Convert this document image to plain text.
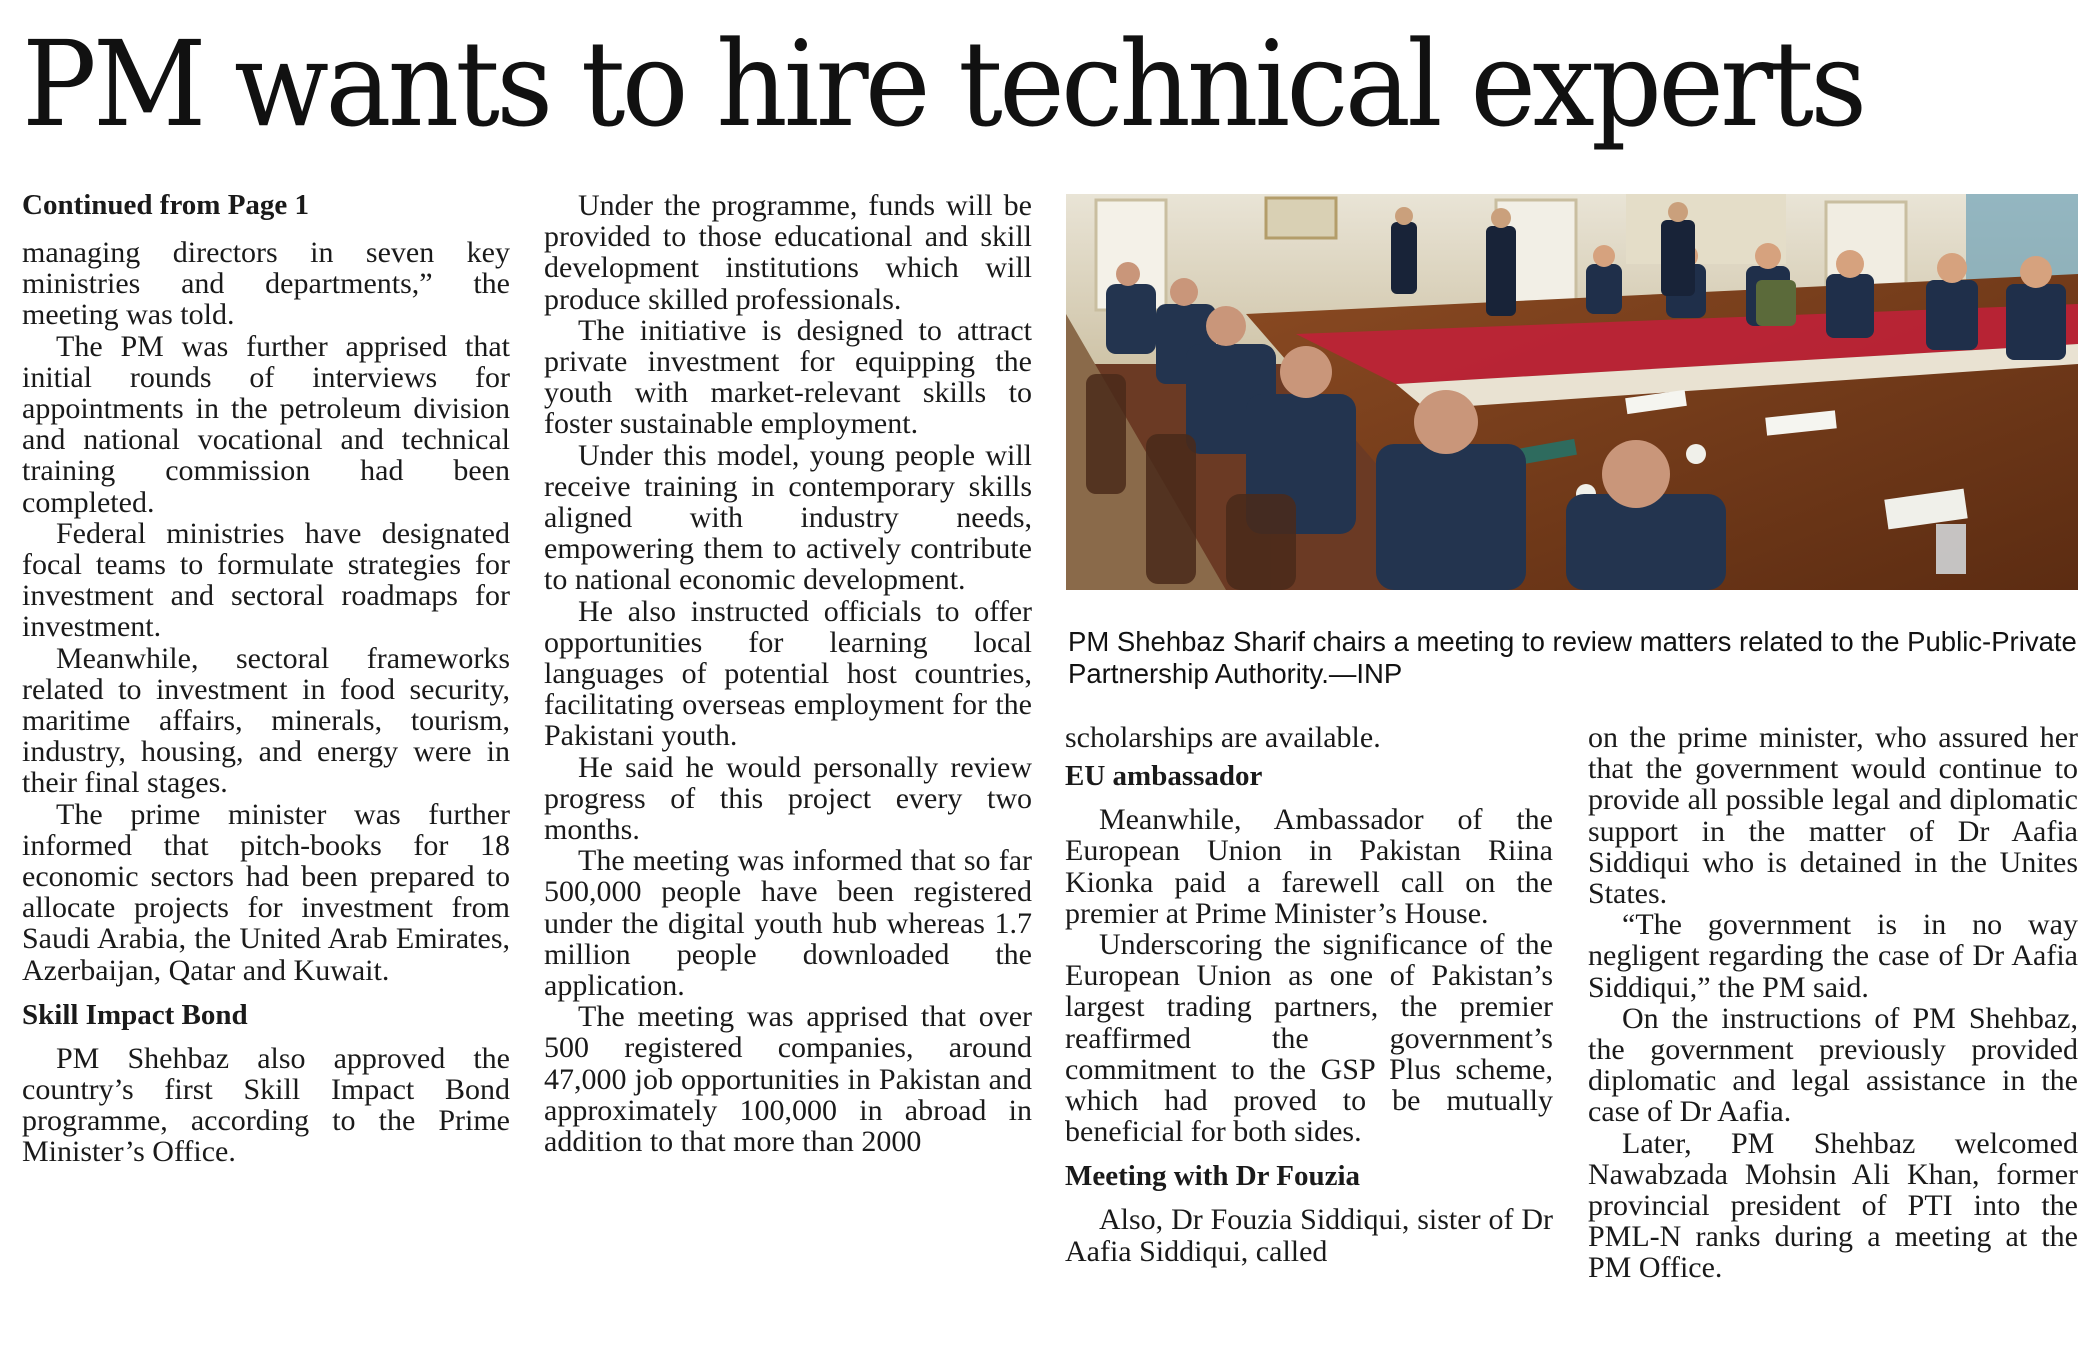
PM wants to hire technical experts
Continued from Page 1

managing directors in seven key ministries and departments,” the meeting was told.

The PM was further apprised that initial rounds of interviews for appointments in the petroleum division and national vocational and technical training commission had been completed.

Federal ministries have designated focal teams to formulate strategies for investment and sectoral roadmaps for investment.

Meanwhile, sectoral frameworks related to investment in food security, maritime affairs, minerals, tourism, industry, housing, and energy were in their final stages.

The prime minister was further informed that pitch-books for 18 economic sectors had been prepared to allocate projects for investment from Saudi Arabia, the United Arab Emirates, Azerbaijan, Qatar and Kuwait.

Skill Impact Bond

PM Shehbaz also approved the country’s first Skill Impact Bond programme, according to the Prime Minister’s Office.

Under the programme, funds will be provided to those educational and skill development institutions which will produce skilled professionals.

The initiative is designed to attract private investment for equipping the youth with market-relevant skills to foster sustainable employment.

Under this model, young people will receive training in contemporary skills aligned with industry needs, empowering them to actively contribute to national economic development.

He also instructed officials to offer opportunities for learning local languages of potential host countries, facilitating overseas employment for the Pakistani youth.

He said he would personally review progress of this project every two months.

The meeting was informed that so far 500,000 people have been registered under the digital youth hub whereas 1.7 million people downloaded the application.

The meeting was apprised that over 500 registered companies, around 47,000 job opportunities in Pakistan and approximately 100,000 in abroad in addition to that more than 2000

PM Shehbaz Sharif chairs a meeting to review matters related to the Public-Private Partnership Authority.—INP

scholarships are available.

EU ambassador

Meanwhile, Ambassador of the European Union in Pakistan Riina Kionka paid a farewell call on the premier at Prime Minister’s House.

Underscoring the significance of the European Union as one of Pakistan’s largest trading partners, the premier reaffirmed the government’s commitment to the GSP Plus scheme, which had proved to be mutually beneficial for both sides.

Meeting with Dr Fouzia

Also, Dr Fouzia Siddiqui, sister of Dr Aafia Siddiqui, called

on the prime minister, who assured her that the government would continue to provide all possible legal and diplomatic support in the matter of Dr Aafia Siddiqui who is detained in the Unites States.

“The government is in no way negligent regarding the case of Dr Aafia Siddiqui,” the PM said.

On the instructions of PM Shehbaz, the government previously provided diplomatic and legal assistance in the case of Dr Aafia.

Later, PM Shehbaz welcomed Nawabzada Mohsin Ali Khan, former provincial president of PTI into the PML-N ranks during a meeting at the PM Office.
